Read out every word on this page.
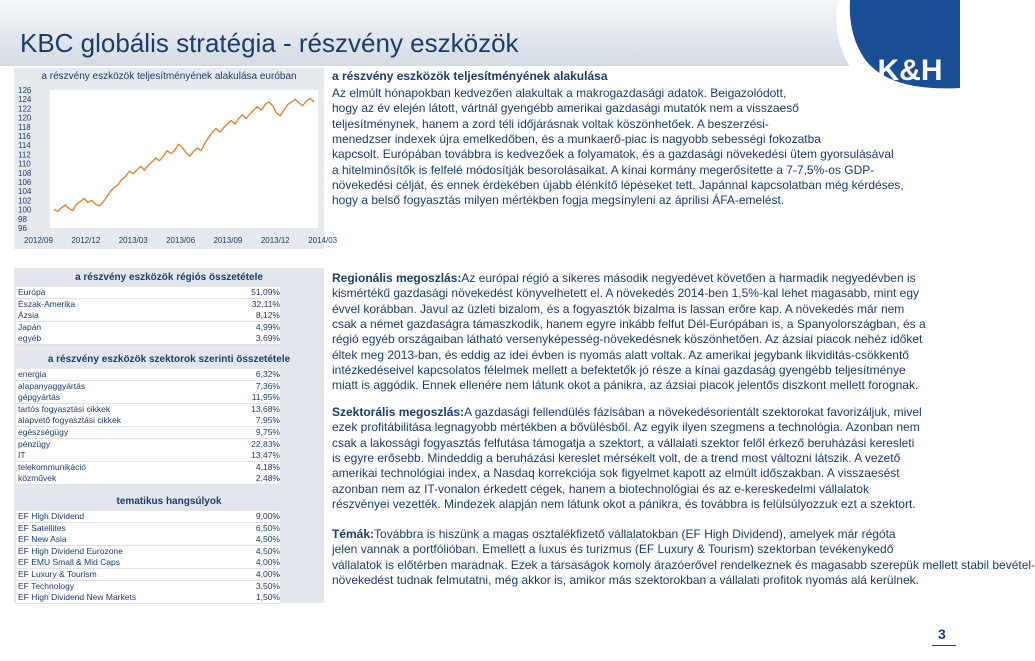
KBC globális stratégia - részvény eszközök
K&H
a részvény eszközök teljesítményének alakulása euróban
126
124
122
120
118
116
114
112
110
108
106
104
102
100
98
96
2012/09 2012/12 2013/03 2013/06 2013/09 2013/12 2014/03
a részvény eszközök teljesítményének alakulása
Az elmúlt hónapokban kedvezően alakultak a makrogazdasági adatok. Beigazolódott,
hogy az év elején látott, vártnál gyengébb amerikai gazdasági mutatók nem a visszaeső
teljesítménynek, hanem a zord téli időjárásnak voltak köszönhetőek. A beszerzési-
menedzser indexek újra emelkedőben, és a munkaerő-piac is nagyobb sebességi fokozatba
kapcsolt. Európában továbbra is kedvezőek a folyamatok, és a gazdasági növekedési ütem gyorsulásával
a hitelminősítők is felfelé módosítják besorolásaikat. A kínai kormány megerősítette a 7-7,5%-os GDP-
növekedési célját, és ennek érdekében újabb élénkítő lépéseket tett. Japánnal kapcsolatban még kérdéses,
hogy a belső fogyasztás milyen mértékben fogja megsínyleni az áprilisi ÁFA-emelést.
a részvény eszközök régiós összetétele
Európa	51,09%
Észak-Amerika	32,11%
Ázsia	8,12%
Japán	4,99%
egyéb	3,69%
a részvény eszközök szektorok szerinti összetétele
energia	6,32%
alapanyaggyártás	7,36%
gépgyártás	11,95%
tartós fogyasztási cikkek	13,68%
alapvető fogyasztási cikkek	7,95%
egészségügy	9,75%
pénzügy	22,83%
IT	13,47%
telekommunikáció	4,18%
közművek	2,48%
tematikus hangsúlyok
EF High Dividend	9,00%
EF Satellites	6,50%
EF New Asia	4,50%
EF High Dividend Eurozone	4,50%
EF EMU Small & Mid Caps	4,00%
EF Luxury & Tourism	4,00%
EF Technology	3,50%
EF High Dividend New Markets	1,50%
Regionális megoszlás:Az európai régió a sikeres második negyedévet követően a harmadik negyedévben is
kismértékű gazdasági növekedést könyvelhetett el. A növekedés 2014-ben 1,5%-kal lehet magasabb, mint egy
évvel korábban. Javul az üzleti bizalom, és a fogyasztók bizalma is lassan erőre kap. A növekedés már nem
csak a német gazdaságra támaszkodik, hanem egyre inkább felfut Dél-Európában is, a Spanyolországban, és a
régió egyéb országaiban látható versenyképesség-növekedésnek köszönhetően. Az ázsiai piacok nehéz időket
éltek meg 2013-ban, és eddig az idei évben is nyomás alatt voltak. Az amerikai jegybank likviditás-csökkentő
intézkedéseivel kapcsolatos félelmek mellett a befektetők jó része a kínai gazdaság gyengébb teljesítménye
miatt is aggódik. Ennek ellenére nem látunk okot a pánikra, az ázsiai piacok jelentős diszkont mellett forognak.
Szektorális megoszlás:A gazdasági fellendülés fázisában a növekedésorientált szektorokat favorizáljuk, mivel
ezek profitábilitása legnagyobb mértékben a bővülésből. Az egyik ilyen szegmens a technológia. Azonban nem
csak a lakossági fogyasztás felfutása támogatja a szektort, a vállalati szektor felől érkező beruházási keresleti
is egyre erősebb. Mindeddig a beruházási kereslet mérsékelt volt, de a trend most változni látszik. A vezető
amerikai technológiai index, a Nasdaq korrekciója sok figyelmet kapott az elmúlt időszakban. A visszaesést
azonban nem az IT-vonalon érkedett cégek, hanem a biotechnológiai és az e-kereskedelmi vállalatok
részvényei vezették. Mindezek alapján nem látunk okot a pánikra, és továbbra is felülsúlyozzuk ezt a szektort.
Témák:Továbbra is hiszünk a magas osztalékfizető vállalatokban (EF High Dividend), amelyek már régóta
jelen vannak a portfólióban. Emellett a luxus és turizmus (EF Luxury & Tourism) szektorban tevékenykedő
vállalatok is előtérben maradnak. Ezek a társaságok komoly árazóerővel rendelkeznek és magasabb szerepük mellett stabil bevétel-
növekedést tudnak felmutatni, még akkor is, amikor más szektorokban a vállalati profitok nyomás alá kerülnek.
3
